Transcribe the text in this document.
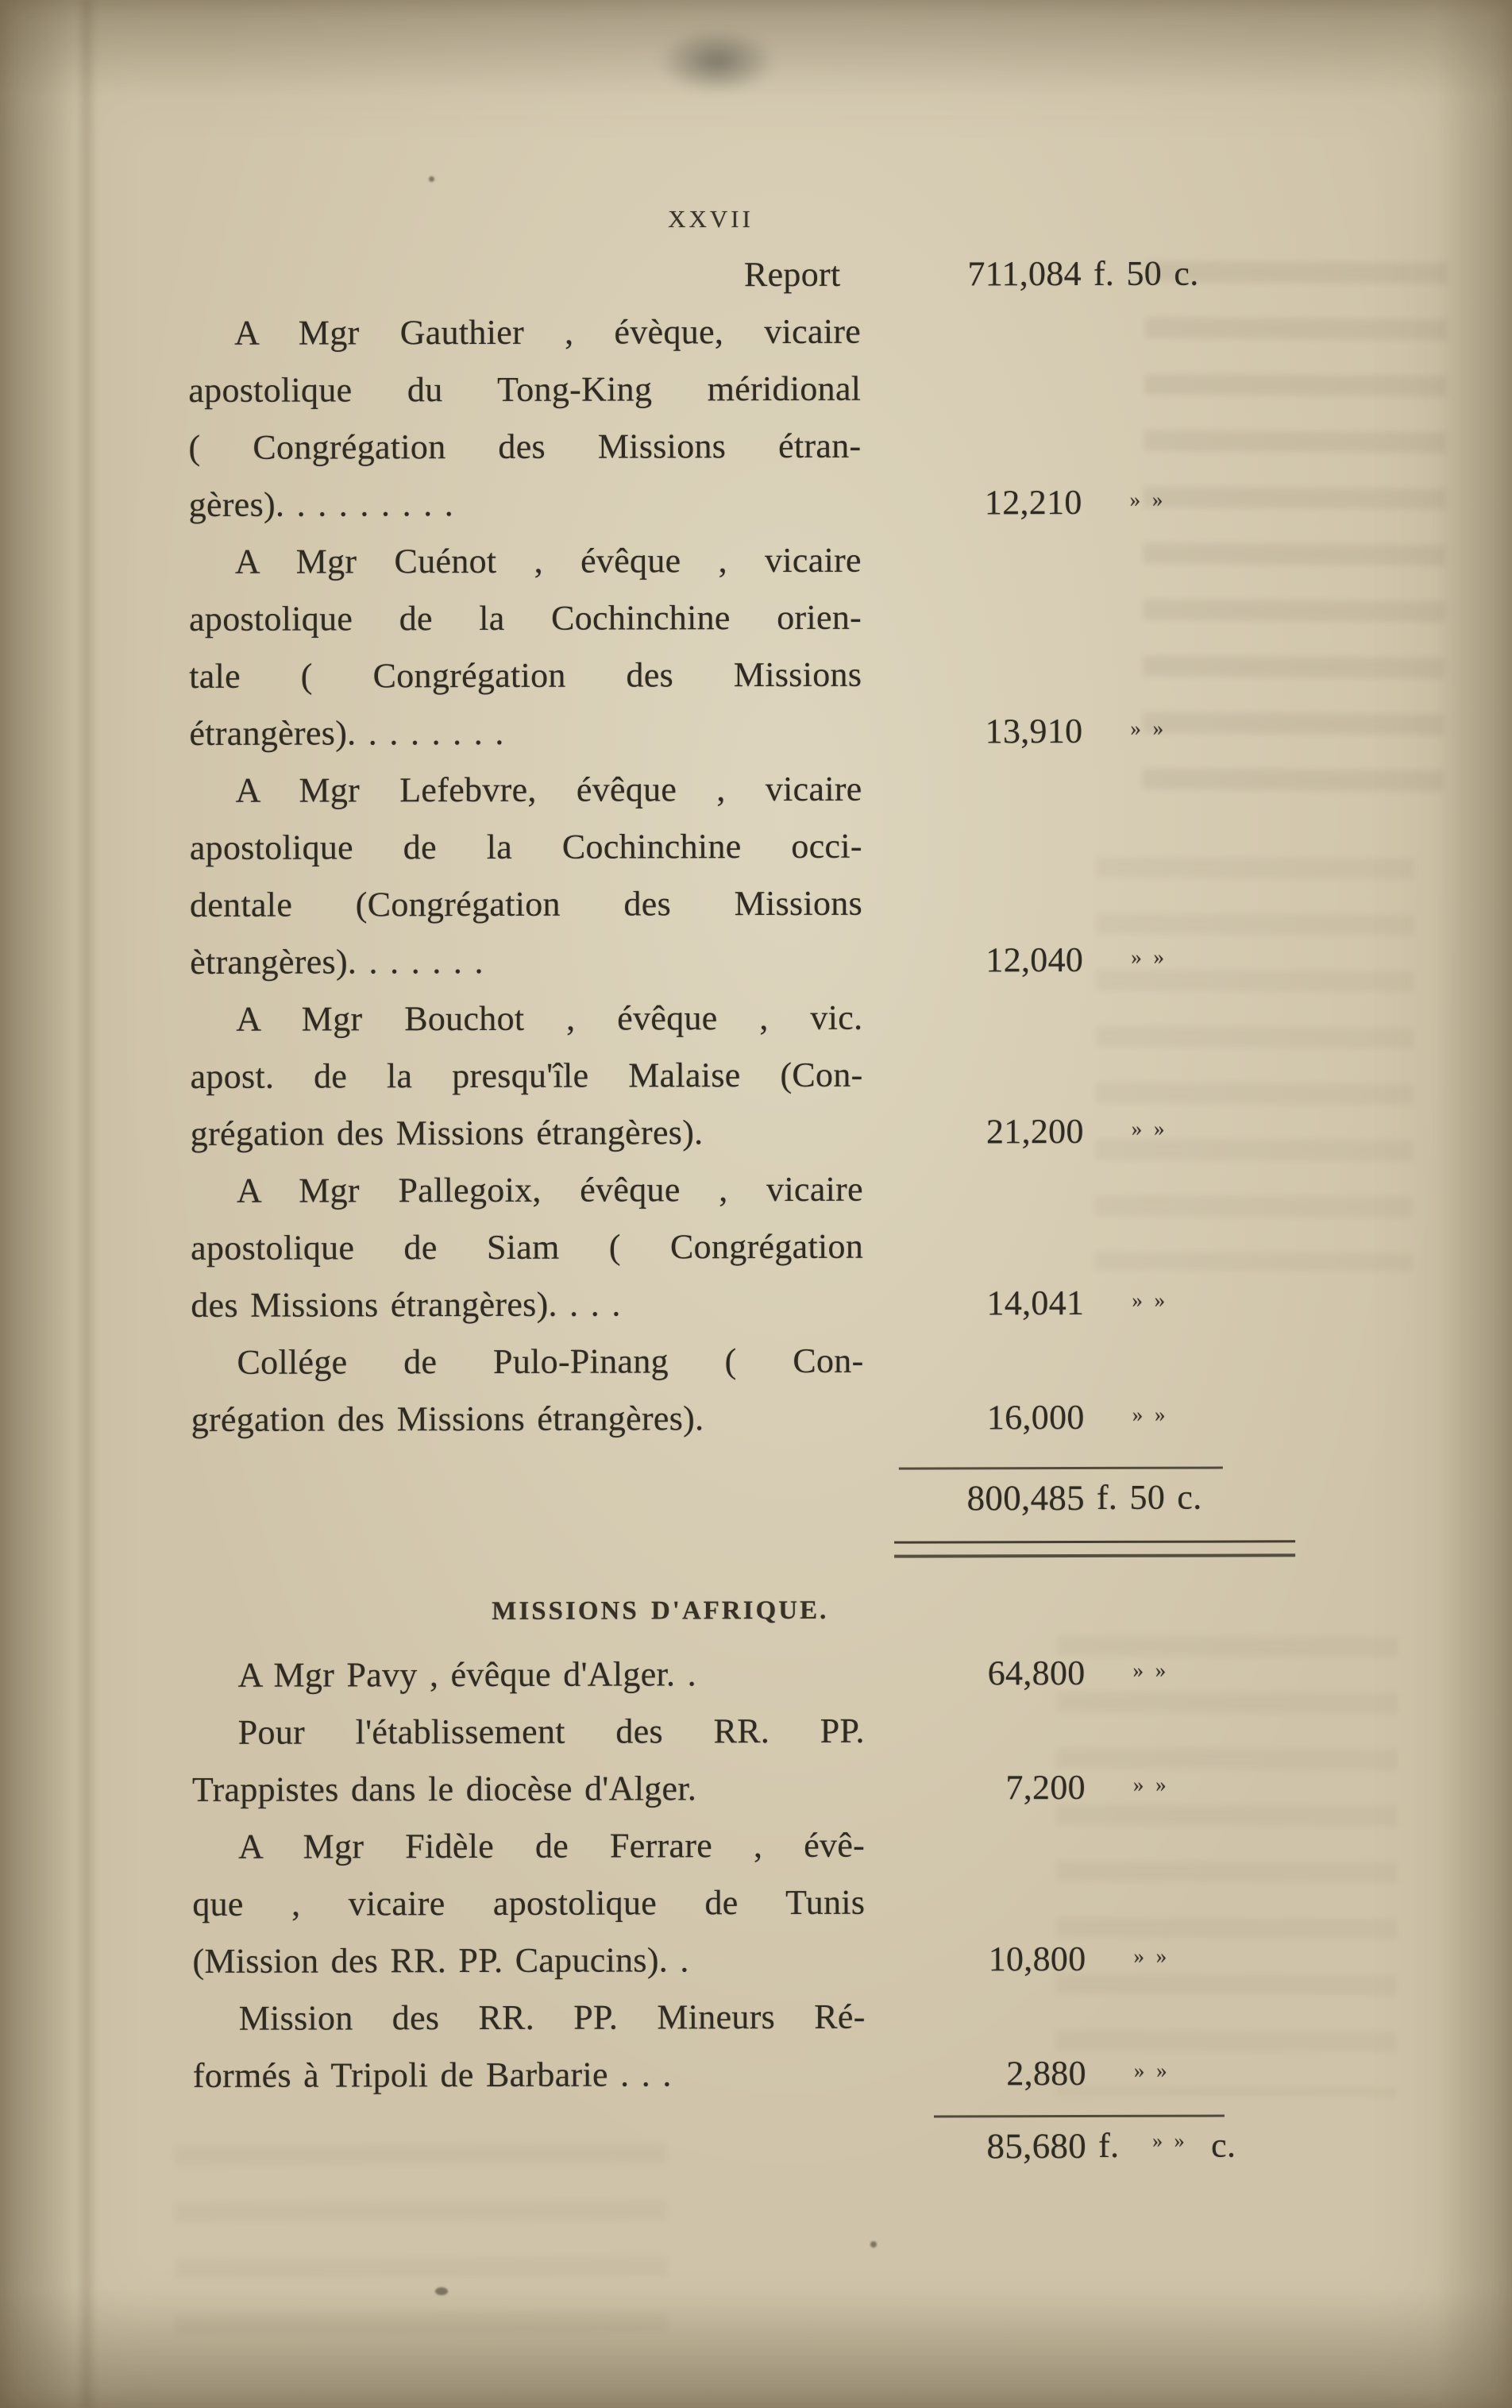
XXVII
Report	711,084 f. 50 c.
A Mgr Gauthier , évèque, vicaire
apostolique du Tong-King méridional
( Congrégation des Missions étran-
gères). . . . . . . . .	12,210 » »
A Mgr Cuénot , évêque , vicaire
apostolique de la Cochinchine orien-
tale ( Congrégation des Missions
étrangères). . . . . . . .	13,910 » »
A Mgr Lefebvre, évêque , vicaire
apostolique de la Cochinchine occi-
dentale (Congrégation des Missions
ètrangères). . . . . . .	12,040 » »
A Mgr Bouchot , évêque , vic.
apost. de la presqu'île Malaise (Con-
grégation des Missions étrangères).	21,200 » »
A Mgr Pallegoix, évêque , vicaire
apostolique de Siam ( Congrégation
des Missions étrangères). . . .	14,041 » »
Collége de Pulo-Pinang ( Con-
grégation des Missions étrangères).	16,000 » »
800,485 f. 50 c.
MISSIONS D'AFRIQUE.
A Mgr Pavy , évêque d'Alger. .	64,800 » »
Pour l'établissement des RR. PP.
Trappistes dans le diocèse d'Alger.	7,200 » »
A Mgr Fidèle de Ferrare , évê-
que , vicaire apostolique de Tunis
(Mission des RR. PP. Capucins). .	10,800 » »
Mission des RR. PP. Mineurs Ré-
formés à Tripoli de Barbarie . . .	2,880 » »
85,680 f. » » c.
